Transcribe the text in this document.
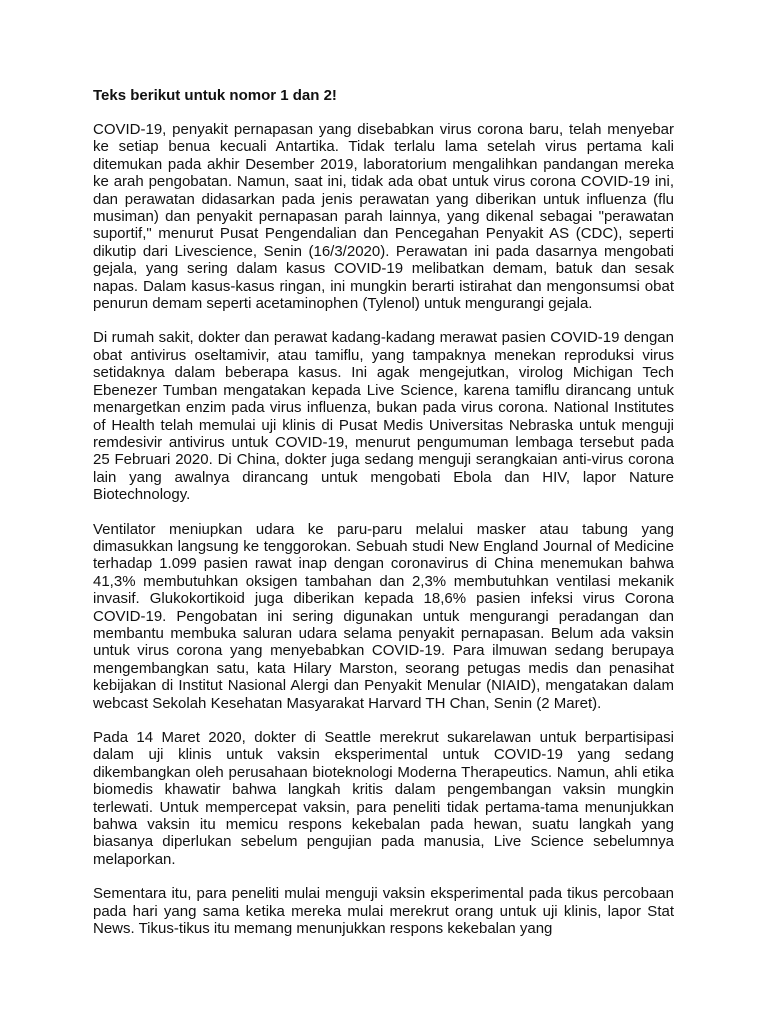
Teks berikut untuk nomor 1 dan 2!

COVID-19, penyakit pernapasan yang disebabkan virus corona baru, telah menyebar ke setiap benua kecuali Antartika. Tidak terlalu lama setelah virus pertama kali ditemukan pada akhir Desember 2019, laboratorium mengalihkan pandangan mereka ke arah pengobatan. Namun, saat ini, tidak ada obat untuk virus corona COVID-19 ini, dan perawatan didasarkan pada jenis perawatan yang diberikan untuk influenza (flu musiman) dan penyakit pernapasan parah lainnya, yang dikenal sebagai "perawatan suportif," menurut Pusat Pengendalian dan Pencegahan Penyakit AS (CDC), seperti dikutip dari Livescience, Senin (16/3/2020). Perawatan ini pada dasarnya mengobati gejala, yang sering dalam kasus COVID-19 melibatkan demam, batuk dan sesak napas. Dalam kasus-kasus ringan, ini mungkin berarti istirahat dan mengonsumsi obat penurun demam seperti acetaminophen (Tylenol) untuk mengurangi gejala.

Di rumah sakit, dokter dan perawat kadang-kadang merawat pasien COVID-19 dengan obat antivirus oseltamivir, atau tamiflu, yang tampaknya menekan reproduksi virus setidaknya dalam beberapa kasus. Ini agak mengejutkan, virolog Michigan Tech Ebenezer Tumban mengatakan kepada Live Science, karena tamiflu dirancang untuk menargetkan enzim pada virus influenza, bukan pada virus corona. National Institutes of Health telah memulai uji klinis di Pusat Medis Universitas Nebraska untuk menguji remdesivir antivirus untuk COVID-19, menurut pengumuman lembaga tersebut pada 25 Februari 2020. Di China, dokter juga sedang menguji serangkaian anti-virus corona lain yang awalnya dirancang untuk mengobati Ebola dan HIV, lapor Nature Biotechnology.

Ventilator meniupkan udara ke paru-paru melalui masker atau tabung yang dimasukkan langsung ke tenggorokan. Sebuah studi New England Journal of Medicine terhadap 1.099 pasien rawat inap dengan coronavirus di China menemukan bahwa 41,3% membutuhkan oksigen tambahan dan 2,3% membutuhkan ventilasi mekanik invasif. Glukokortikoid juga diberikan kepada 18,6% pasien infeksi virus Corona COVID-19. Pengobatan ini sering digunakan untuk mengurangi peradangan dan membantu membuka saluran udara selama penyakit pernapasan. Belum ada vaksin untuk virus corona yang menyebabkan COVID-19. Para ilmuwan sedang berupaya mengembangkan satu, kata Hilary Marston, seorang petugas medis dan penasihat kebijakan di Institut Nasional Alergi dan Penyakit Menular (NIAID), mengatakan dalam webcast Sekolah Kesehatan Masyarakat Harvard TH Chan, Senin (2 Maret).

Pada 14 Maret 2020, dokter di Seattle merekrut sukarelawan untuk berpartisipasi dalam uji klinis untuk vaksin eksperimental untuk COVID-19 yang sedang dikembangkan oleh perusahaan bioteknologi Moderna Therapeutics. Namun, ahli etika biomedis khawatir bahwa langkah kritis dalam pengembangan vaksin mungkin terlewati. Untuk mempercepat vaksin, para peneliti tidak pertama-tama menunjukkan bahwa vaksin itu memicu respons kekebalan pada hewan, suatu langkah yang biasanya diperlukan sebelum pengujian pada manusia, Live Science sebelumnya melaporkan.

Sementara itu, para peneliti mulai menguji vaksin eksperimental pada tikus percobaan pada hari yang sama ketika mereka mulai merekrut orang untuk uji klinis, lapor Stat News. Tikus-tikus itu memang menunjukkan respons kekebalan yang
